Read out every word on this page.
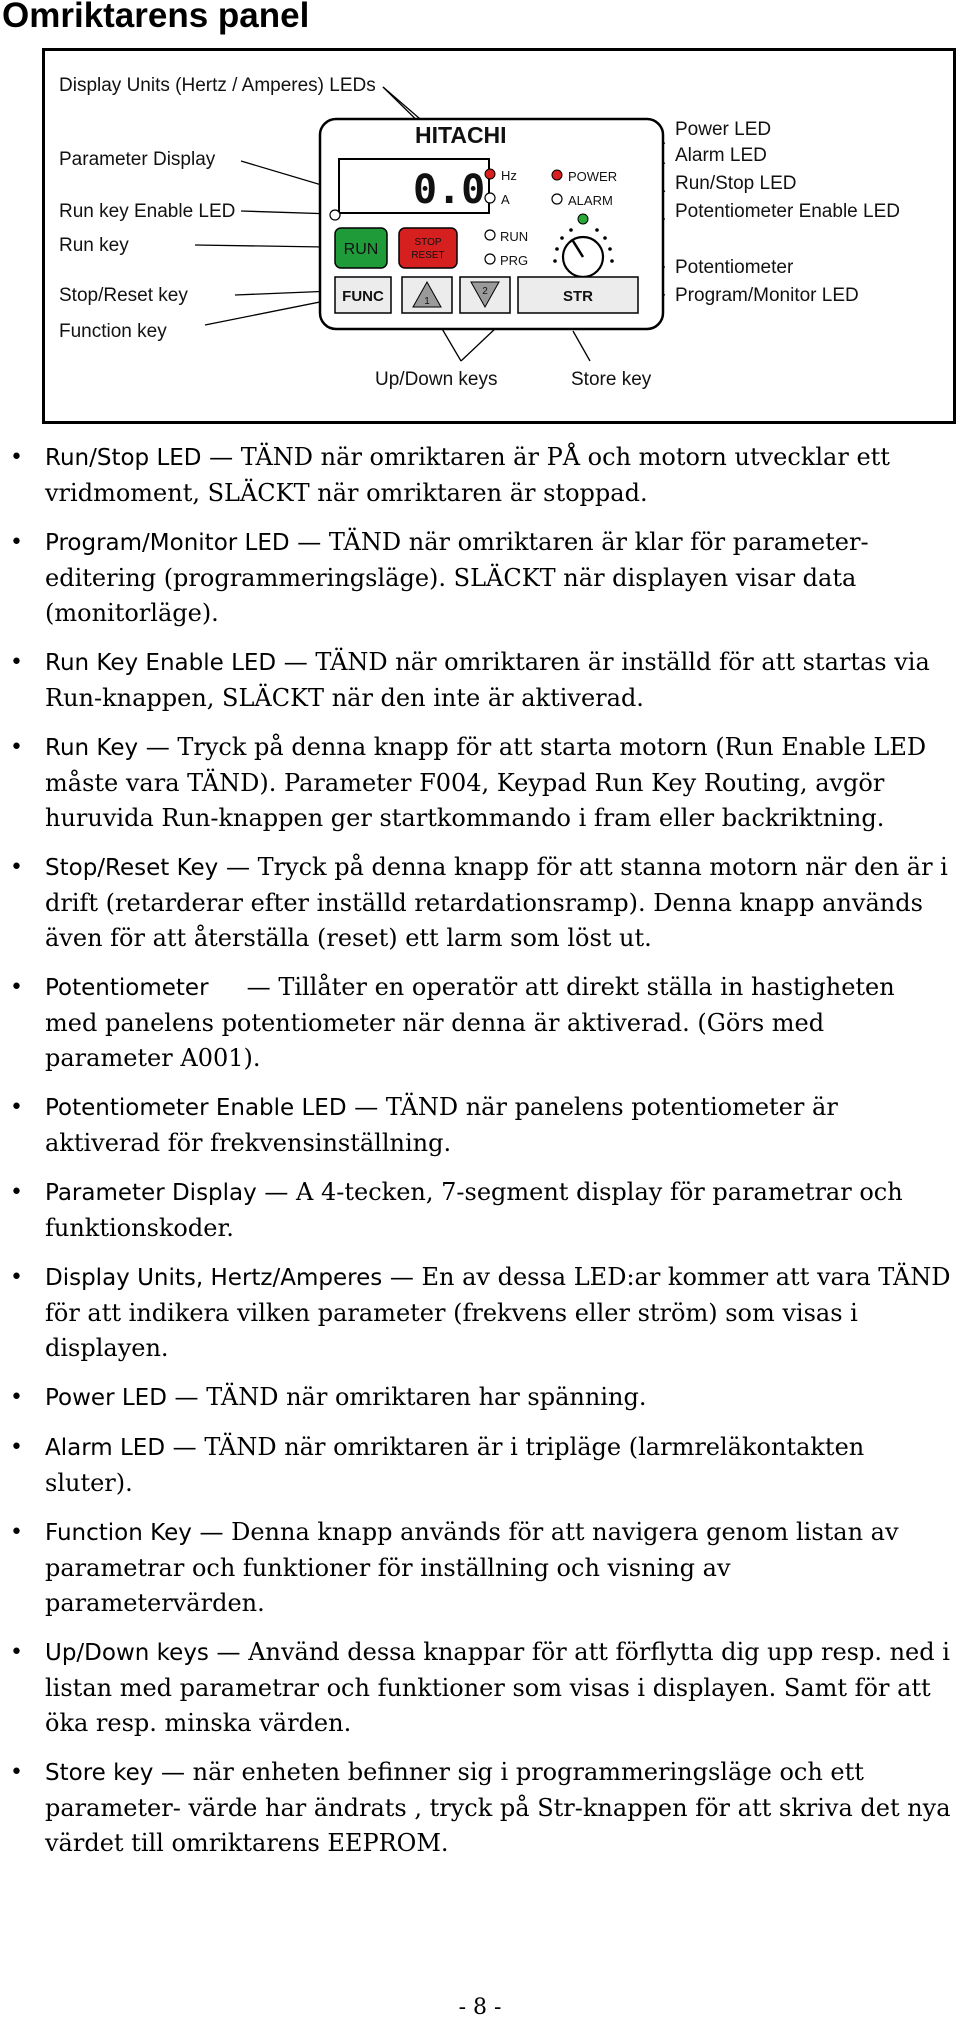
Omriktarens panel
Display Units (Hertz / Amperes) LEDs
Parameter Display
Run key Enable LED
Run key
Stop/Reset key
Function key
Up/Down keys	Store key
Power LED
Alarm LED
Run/Stop LED
Potentiometer Enable LED
Potentiometer
Program/Monitor LED
HITACHI
0.0 Hz
A
RUN
PRG
POWER
ALARM
RUN	STOP
RESET
FUNC	1
2	STR
• Run/Stop LED — TÄND när omriktaren är PÅ och motorn utvecklar ett vridmoment, SLÄCKT när omriktaren är stoppad.
• Program/Monitor LED — TÄND när omriktaren är klar för parameter- editering (programmeringsläge). SLÄCKT när displayen visar data (monitorläge).
• Run Key Enable LED — TÄND när omriktaren är inställd för att startas via Run-knappen, SLÄCKT när den inte är aktiverad.
• Run Key — Tryck på denna knapp för att starta motorn (Run Enable LED måste vara TÄND). Parameter F004, Keypad Run Key Routing, avgör huruvida Run-knappen ger startkommando i fram eller backriktning.
• Stop/Reset Key — Tryck på denna knapp för att stanna motorn när den är i drift (retarderar efter inställd retardationsramp). Denna knapp används även för att återställa (reset) ett larm som löst ut.
• Potentiometer     — Tillåter en operatör att direkt ställa in hastigheten med panelens potentiometer när denna är aktiverad. (Görs med parameter A001).
• Potentiometer Enable LED — TÄND när panelens potentiometer är aktiverad för frekvensinställning.
• Parameter Display — A 4-tecken, 7-segment display för parametrar och funktionskoder.
• Display Units, Hertz/Amperes — En av dessa LED:ar kommer att vara TÄND för att indikera vilken parameter (frekvens eller ström) som visas i displayen.
• Power LED — TÄND när omriktaren har spänning.
• Alarm LED — TÄND när omriktaren är i tripläge (larmreläkontakten sluter).
• Function Key — Denna knapp används för att navigera genom listan av parametrar och funktioner för inställning och visning av parametervärden.
• Up/Down keys — Använd dessa knappar för att förflytta dig upp resp. ned i listan med parametrar och funktioner som visas i displayen. Samt för att öka resp. minska värden.
• Store key — när enheten befinner sig i programmeringsläge och ett parameter- värde har ändrats , tryck på Str-knappen för att skriva det nya värdet till omriktarens EEPROM.
- 8 -
